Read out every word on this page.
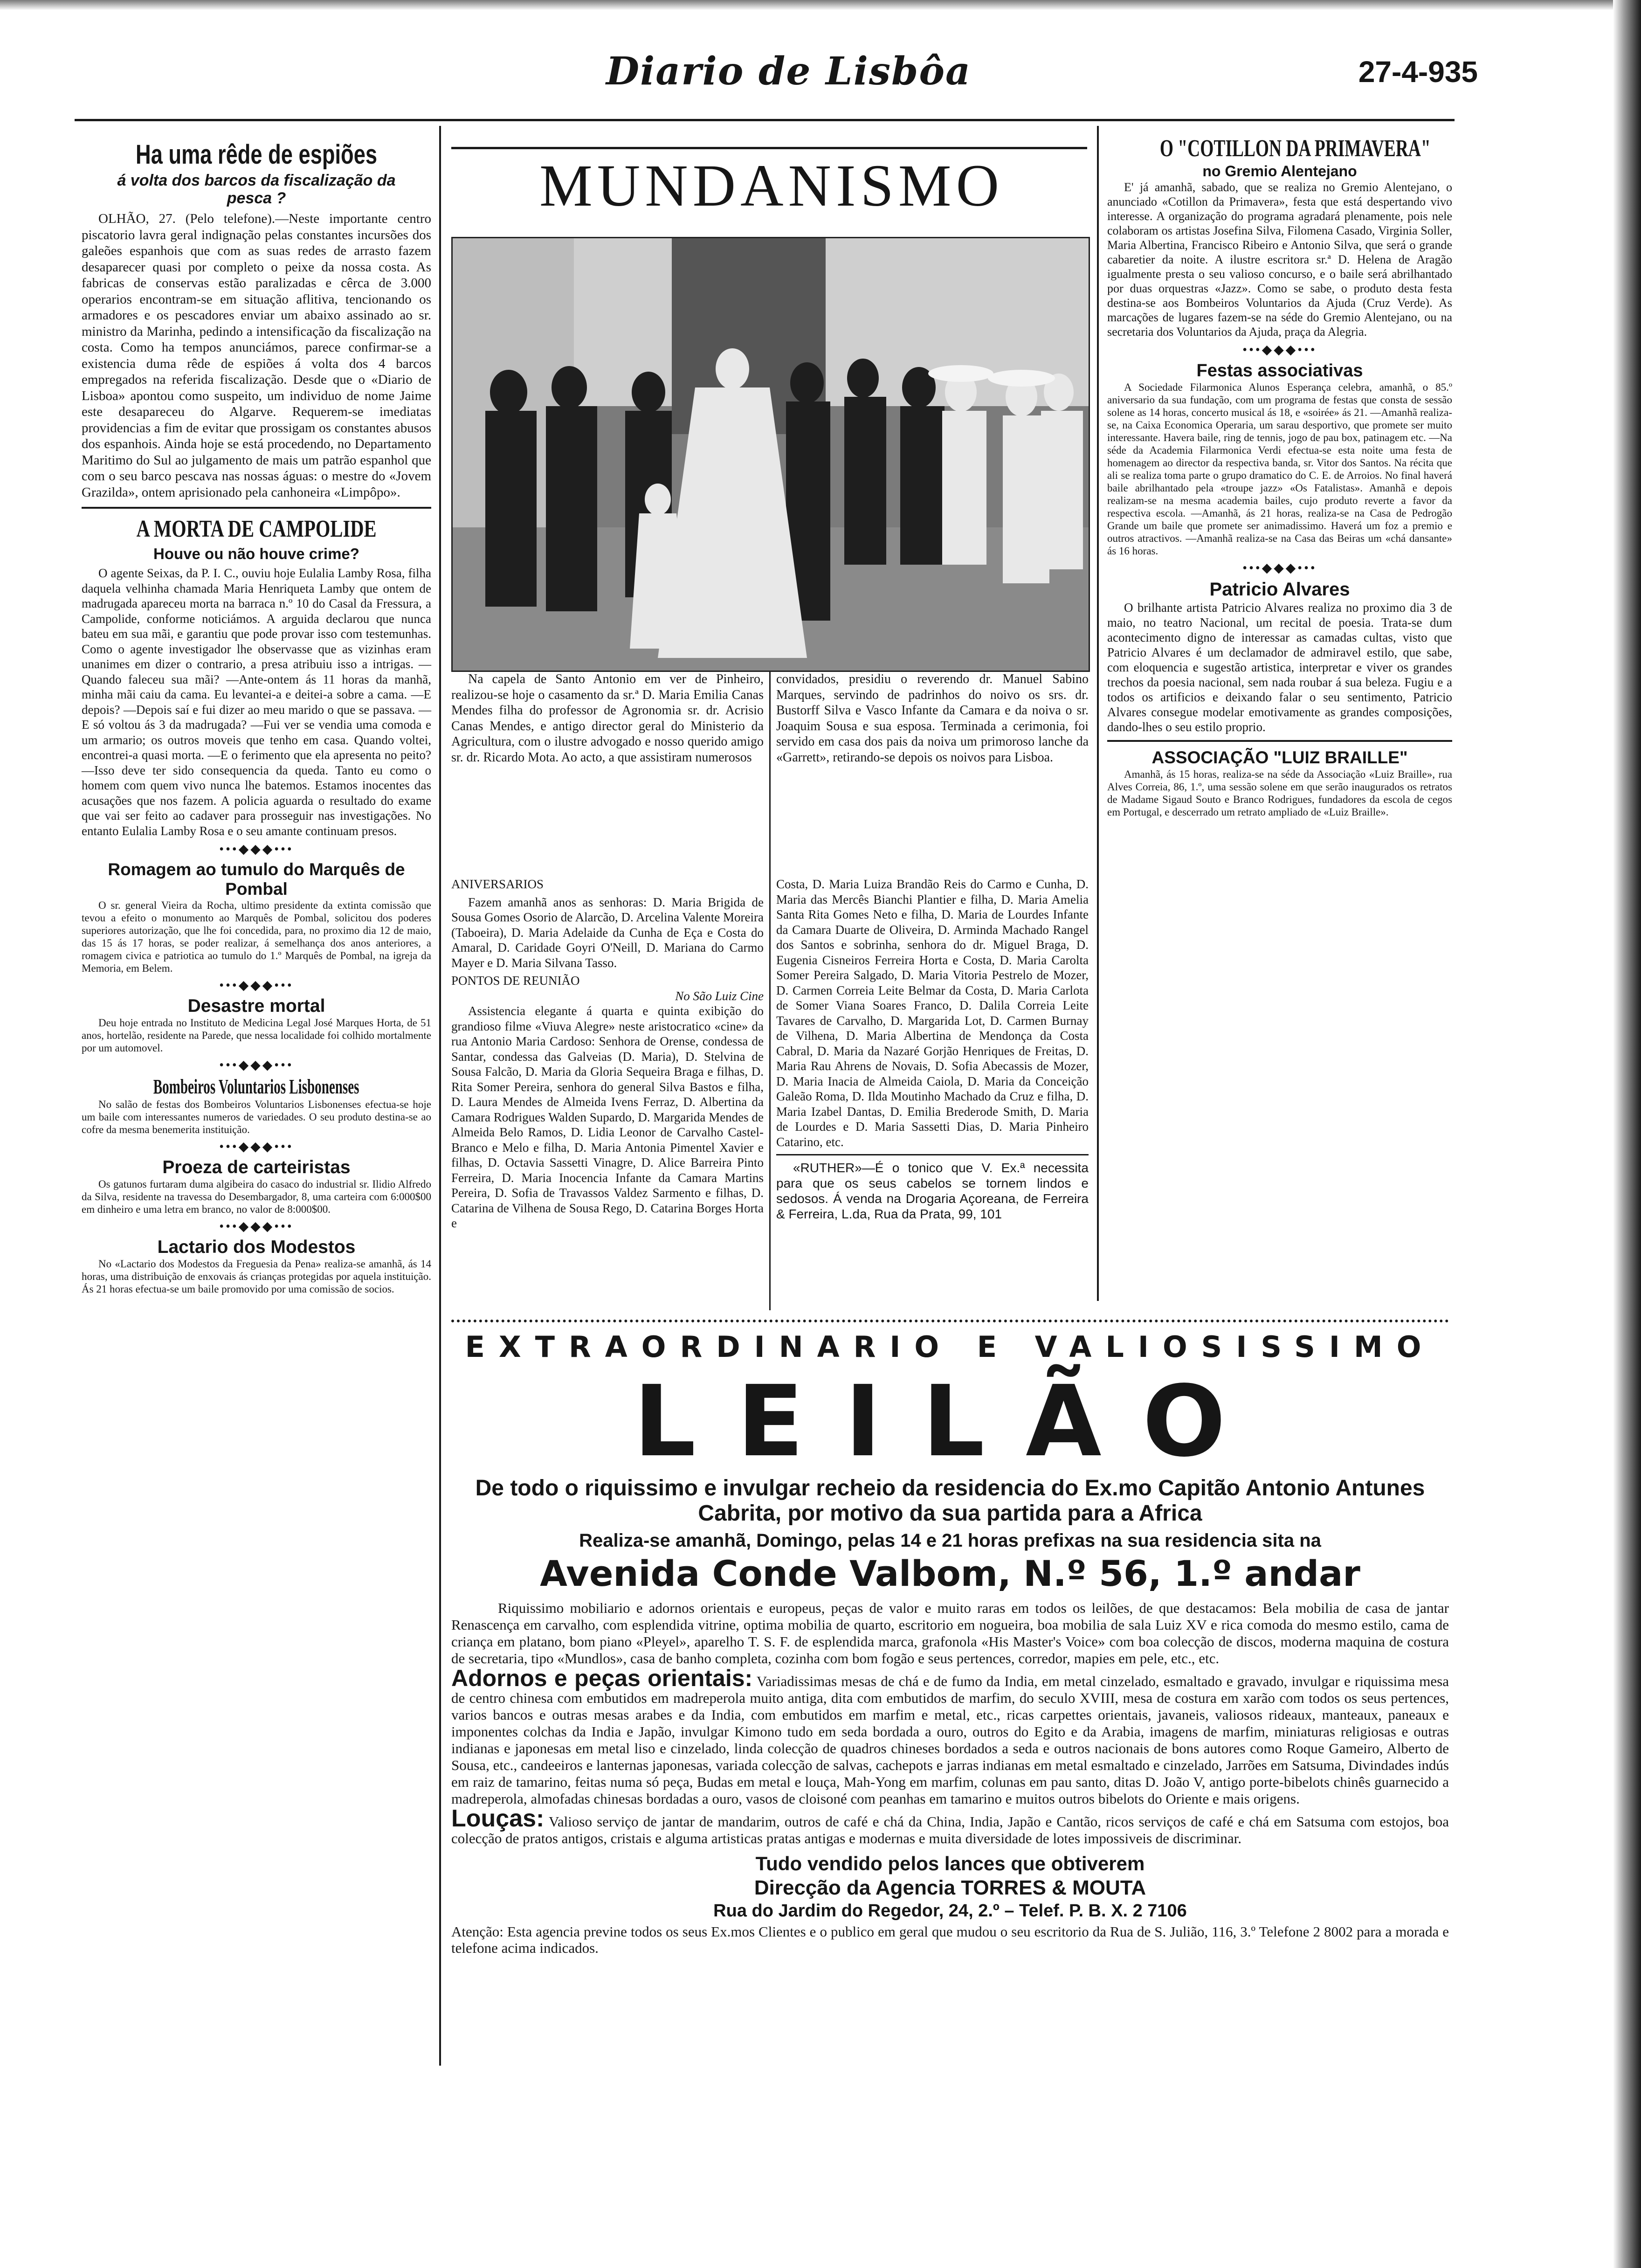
Diario de Lisbôa	27-4-935
Ha uma rêde de espiões
á volta dos barcos da fiscalização da pesca ?

OLHÃO, 27. (Pelo telefone).—Neste importante centro piscatorio lavra geral indignação pelas constantes incursões dos galeões espanhois que com as suas redes de arrasto fazem desaparecer quasi por completo o peixe da nossa costa. As fabricas de conservas estão paralizadas e cêrca de 3.000 operarios encontram-se em situação aflitiva, tencionando os armadores e os pescadores enviar um abaixo assinado ao sr. ministro da Marinha, pedindo a intensificação da fiscalização na costa. Como ha tempos anunciámos, parece confirmar-se a existencia duma rêde de espiões á volta dos 4 barcos empregados na referida fiscalização. Desde que o «Diario de Lisboa» apontou como suspeito, um individuo de nome Jaime este desapareceu do Algarve. Requerem-se imediatas providencias a fim de evitar que prossigam os constantes abusos dos espanhois. Ainda hoje se está procedendo, no Departamento Maritimo do Sul ao julgamento de mais um patrão espanhol que com o seu barco pescava nas nossas águas: o mestre do «Jovem Grazilda», ontem aprisionado pela canhoneira «Limpôpo».

A MORTA DE CAMPOLIDE
Houve ou não houve crime?

O agente Seixas, da P. I. C., ouviu hoje Eulalia Lamby Rosa, filha daquela velhinha chamada Maria Henriqueta Lamby que ontem de madrugada apareceu morta na barraca n.º 10 do Casal da Fressura, a Campolide, conforme noticiámos. A arguida declarou que nunca bateu em sua mãi, e garantiu que pode provar isso com testemunhas. Como o agente investigador lhe observasse que as vizinhas eram unanimes em dizer o contrario, a presa atribuiu isso a intrigas. —Quando faleceu sua mãi? —Ante-ontem ás 11 horas da manhã, minha mãi caiu da cama. Eu levantei-a e deitei-a sobre a cama. —E depois? —Depois saí e fui dizer ao meu marido o que se passava. —E só voltou ás 3 da madrugada? —Fui ver se vendia uma comoda e um armario; os outros moveis que tenho em casa. Quando voltei, encontrei-a quasi morta. —E o ferimento que ela apresenta no peito? —Isso deve ter sido consequencia da queda. Tanto eu como o homem com quem vivo nunca lhe batemos. Estamos inocentes das acusações que nos fazem. A policia aguarda o resultado do exame que vai ser feito ao cadaver para prosseguir nas investigações. No entanto Eulalia Lamby Rosa e o seu amante continuam presos.

•••◆◆◆•••
Romagem ao tumulo do Marquês de Pombal

O sr. general Vieira da Rocha, ultimo presidente da extinta comissão que tevou a efeito o monumento ao Marquês de Pombal, solicitou dos poderes superiores autorização, que lhe foi concedida, para, no proximo dia 12 de maio, das 15 ás 17 horas, se poder realizar, á semelhança dos anos anteriores, a romagem civica e patriotica ao tumulo do 1.º Marquês de Pombal, na igreja da Memoria, em Belem.

•••◆◆◆•••
Desastre mortal

Deu hoje entrada no Instituto de Medicina Legal José Marques Horta, de 51 anos, hortelão, residente na Parede, que nessa localidade foi colhido mortalmente por um automovel.

•••◆◆◆•••
Bombeiros Voluntarios Lisbonenses

No salão de festas dos Bombeiros Voluntarios Lisbonenses efectua-se hoje um baile com interessantes numeros de variedades. O seu produto destina-se ao cofre da mesma benemerita instituição.

•••◆◆◆•••
Proeza de carteiristas

Os gatunos furtaram duma algibeira do casaco do industrial sr. Ilidio Alfredo da Silva, residente na travessa do Desembargador, 8, uma carteira com 6:000$00 em dinheiro e uma letra em branco, no valor de 8:000$00.

•••◆◆◆•••
Lactario dos Modestos

No «Lactario dos Modestos da Freguesia da Pena» realiza-se amanhã, ás 14 horas, uma distribuição de enxovais ás crianças protegidas por aquela instituição. Ás 21 horas efectua-se um baile promovido por uma comissão de socios.

MUNDANISMO

Na capela de Santo Antonio em ver de Pinheiro, realizou-se hoje o casamento da sr.ª D. Maria Emilia Canas Mendes filha do professor de Agronomia sr. dr. Acrisio Canas Mendes, e antigo director geral do Ministerio da Agricultura, com o ilustre advogado e nosso querido amigo sr. dr. Ricardo Mota. Ao acto, a que assistiram numerosos

convidados, presidiu o reverendo dr. Manuel Sabino Marques, servindo de padrinhos do noivo os srs. dr. Bustorff Silva e Vasco Infante da Camara e da noiva o sr. Joaquim Sousa e sua esposa. Terminada a cerimonia, foi servido em casa dos pais da noiva um primoroso lanche da «Garrett», retirando-se depois os noivos para Lisboa.

ANIVERSARIOS

Fazem amanhã anos as senhoras: D. Maria Brigida de Sousa Gomes Osorio de Alarcão, D. Arcelina Valente Moreira (Taboeira), D. Maria Adelaide da Cunha de Eça e Costa do Amaral, D. Caridade Goyri O'Neill, D. Mariana do Carmo Mayer e D. Maria Silvana Tasso.

PONTOS DE REUNIÃO
No São Luiz Cine

Assistencia elegante á quarta e quinta exibição do grandioso filme «Viuva Alegre» neste aristocratico «cine» da rua Antonio Maria Cardoso: Senhora de Orense, condessa de Santar, condessa das Galveias (D. Maria), D. Stelvina de Sousa Falcão, D. Maria da Gloria Sequeira Braga e filhas, D. Rita Somer Pereira, senhora do general Silva Bastos e filha, D. Laura Mendes de Almeida Ivens Ferraz, D. Albertina da Camara Rodrigues Walden Supardo, D. Margarida Mendes de Almeida Belo Ramos, D. Lidia Leonor de Carvalho Castel-Branco e Melo e filha, D. Maria Antonia Pimentel Xavier e filhas, D. Octavia Sassetti Vinagre, D. Alice Barreira Pinto Ferreira, D. Maria Inocencia Infante da Camara Martins Pereira, D. Sofia de Travassos Valdez Sarmento e filhas, D. Catarina de Vilhena de Sousa Rego, D. Catarina Borges Horta e

Costa, D. Maria Luiza Brandão Reis do Carmo e Cunha, D. Maria das Mercês Bianchi Plantier e filha, D. Maria Amelia Santa Rita Gomes Neto e filha, D. Maria de Lourdes Infante da Camara Duarte de Oliveira, D. Arminda Machado Rangel dos Santos e sobrinha, senhora do dr. Miguel Braga, D. Eugenia Cisneiros Ferreira Horta e Costa, D. Maria Carolta Somer Pereira Salgado, D. Maria Vitoria Pestrelo de Mozer, D. Carmen Correia Leite Belmar da Costa, D. Maria Carlota de Somer Viana Soares Franco, D. Dalila Correia Leite Tavares de Carvalho, D. Margarida Lot, D. Carmen Burnay de Vilhena, D. Maria Albertina de Mendonça da Costa Cabral, D. Maria da Nazaré Gorjão Henriques de Freitas, D. Maria Rau Ahrens de Novais, D. Sofia Abecassis de Mozer, D. Maria Inacia de Almeida Caiola, D. Maria da Conceição Galeão Roma, D. Ilda Moutinho Machado da Cruz e filha, D. Maria Izabel Dantas, D. Emilia Brederode Smith, D. Maria de Lourdes e D. Maria Sassetti Dias, D. Maria Pinheiro Catarino, etc.

«RUTHER»—É o tonico que V. Ex.ª necessita para que os seus cabelos se tornem lindos e sedosos. Á venda na Drogaria Açoreana, de Ferreira & Ferreira, L.da, Rua da Prata, 99, 101

O "COTILLON DA PRIMAVERA"
no Gremio Alentejano

E' já amanhã, sabado, que se realiza no Gremio Alentejano, o anunciado «Cotillon da Primavera», festa que está despertando vivo interesse. A organização do programa agradará plenamente, pois nele colaboram os artistas Josefina Silva, Filomena Casado, Virginia Soller, Maria Albertina, Francisco Ribeiro e Antonio Silva, que será o grande cabaretier da noite. A ilustre escritora sr.ª D. Helena de Aragão igualmente presta o seu valioso concurso, e o baile será abrilhantado por duas orquestras «Jazz». Como se sabe, o produto desta festa destina-se aos Bombeiros Voluntarios da Ajuda (Cruz Verde). As marcações de lugares fazem-se na séde do Gremio Alentejano, ou na secretaria dos Voluntarios da Ajuda, praça da Alegria.

•••◆◆◆•••
Festas associativas

A Sociedade Filarmonica Alunos Esperança celebra, amanhã, o 85.º aniversario da sua fundação, com um programa de festas que consta de sessão solene as 14 horas, concerto musical ás 18, e «soirée» ás 21. —Amanhã realiza-se, na Caixa Economica Operaria, um sarau desportivo, que promete ser muito interessante. Havera baile, ring de tennis, jogo de pau box, patinagem etc. —Na séde da Academia Filarmonica Verdi efectua-se esta noite uma festa de homenagem ao director da respectiva banda, sr. Vitor dos Santos. Na récita que ali se realiza toma parte o grupo dramatico do C. E. de Arroios. No final haverá baile abrilhantado pela «troupe jazz» «Os Fatalistas». Amanhã e depois realizam-se na mesma academia bailes, cujo produto reverte a favor da respectiva escola. —Amanhã, ás 21 horas, realiza-se na Casa de Pedrogão Grande um baile que promete ser animadissimo. Haverá um foz a premio e outros atractivos. —Amanhã realiza-se na Casa das Beiras um «chá dansante» ás 16 horas.

•••◆◆◆•••
Patricio Alvares

O brilhante artista Patricio Alvares realiza no proximo dia 3 de maio, no teatro Nacional, um recital de poesia. Trata-se dum acontecimento digno de interessar as camadas cultas, visto que Patricio Alvares é um declamador de admiravel estilo, que sabe, com eloquencia e sugestão artistica, interpretar e viver os grandes trechos da poesia nacional, sem nada roubar á sua beleza. Fugiu e a todos os artificios e deixando falar o seu sentimento, Patricio Alvares consegue modelar emotivamente as grandes composições, dando-lhes o seu estilo proprio.

ASSOCIAÇÃO "LUIZ BRAILLE"

Amanhã, ás 15 horas, realiza-se na séde da Associação «Luiz Braille», rua Alves Correia, 86, 1.º, uma sessão solene em que serão inaugurados os retratos de Madame Sigaud Souto e Branco Rodrigues, fundadores da escola de cegos em Portugal, e descerrado um retrato ampliado de «Luiz Braille».

EXTRAORDINARIO E VALIOSISSIMO
LEILÃO
De todo o riquissimo e invulgar recheio da residencia do Ex.mo Capitão Antonio Antunes Cabrita, por motivo da sua partida para a Africa
Realiza-se amanhã, Domingo, pelas 14 e 21 horas prefixas na sua residencia sita na
Avenida Conde Valbom, N.º 56, 1.º andar

Riquissimo mobiliario e adornos orientais e europeus, peças de valor e muito raras em todos os leilões, de que destacamos: Bela mobilia de casa de jantar Renascença em carvalho, com esplendida vitrine, optima mobilia de quarto, escritorio em nogueira, boa mobilia de sala Luiz XV e rica comoda do mesmo estilo, cama de criança em platano, bom piano «Pleyel», aparelho T. S. F. de esplendida marca, grafonola «His Master's Voice» com boa colecção de discos, moderna maquina de costura de secretaria, tipo «Mundlos», casa de banho completa, cozinha com bom fogão e seus pertences, corredor, mapies em pele, etc., etc.

Adornos e peças orientais: Variadissimas mesas de chá e de fumo da India, em metal cinzelado, esmaltado e gravado, invulgar e riquissima mesa de centro chinesa com embutidos em madreperola muito antiga, dita com embutidos de marfim, do seculo XVIII, mesa de costura em xarão com todos os seus pertences, varios bancos e outras mesas arabes e da India, com embutidos em marfim e metal, etc., ricas carpettes orientais, javaneis, valiosos rideaux, manteaux, paneaux e imponentes colchas da India e Japão, invulgar Kimono tudo em seda bordada a ouro, outros do Egito e da Arabia, imagens de marfim, miniaturas religiosas e outras indianas e japonesas em metal liso e cinzelado, linda colecção de quadros chineses bordados a seda e outros nacionais de bons autores como Roque Gameiro, Alberto de Sousa, etc., candeeiros e lanternas japonesas, variada colecção de salvas, cachepots e jarras indianas em metal esmaltado e cinzelado, Jarrões em Satsuma, Divindades indús em raiz de tamarino, feitas numa só peça, Budas em metal e louça, Mah-Yong em marfim, colunas em pau santo, ditas D. João V, antigo porte-bibelots chinês guarnecido a madreperola, almofadas chinesas bordadas a ouro, vasos de cloisoné com peanhas em tamarino e muitos outros bibelots do Oriente e mais origens.
Louças: Valioso serviço de jantar de mandarim, outros de café e chá da China, India, Japão e Cantão, ricos serviços de café e chá em Satsuma com estojos, boa colecção de pratos antigos, cristais e alguma artisticas pratas antigas e modernas e muita diversidade de lotes impossiveis de discriminar.
Tudo vendido pelos lances que obtiverem
Direcção da Agencia TORRES & MOUTA
Rua do Jardim do Regedor, 24, 2.º – Telef. P. B. X. 2 7106
Atenção: Esta agencia previne todos os seus Ex.mos Clientes e o publico em geral que mudou o seu escritorio da Rua de S. Julião, 116, 3.º Telefone 2 8002 para a morada e telefone acima indicados.
